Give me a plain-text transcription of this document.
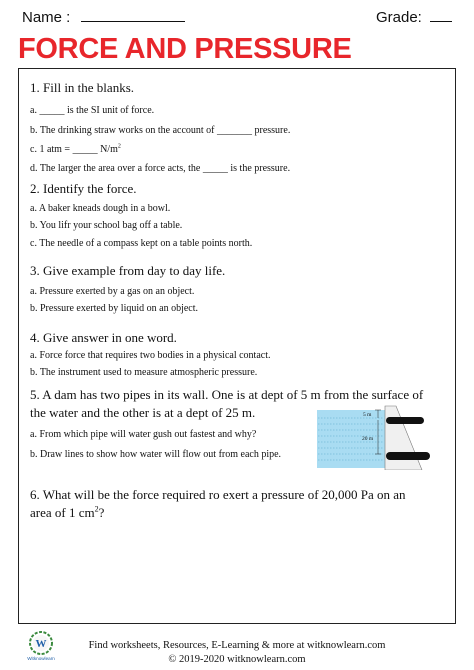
Name :	Grade:
FORCE AND PRESSURE
1. Fill in the blanks.
a. _____ is the SI unit of force.
b. The drinking straw works on the account of _______ pressure.
c. 1 atm = _____ $N/m^2$
d. The larger the area over a force acts, the _____ is the pressure.
2. Identify the force.
a. A baker kneads dough in a bowl.
b. You lifr your school bag off a table.
c. The needle of a compass kept on a table points north.
3. Give example from day to day life.
a. Pressure exerted by a gas on an object.
b. Pressure exerted by liquid on an object.
4. Give answer in one word.
a. Force force that requires two bodies in a physical contact.
b. The instrument used to measure atmospheric pressure.
5. A dam has two pipes in its wall. One is at dept of 5 m from the surface of
the water and the other is at a dept of 25 m.
a. From which pipe will water gush out fastest and why?
b. Draw lines to show how water will flow out from each pipe.
5 m
20 m
6. What will be the force required ro exert a pressure of 20,000 Pa on an
area of 1 $cm^2$?
W
Witknowlearn
Find worksheets, Resources, E-Learning & more at witknowlearn.com
© 2019-2020 witknowlearn.com
